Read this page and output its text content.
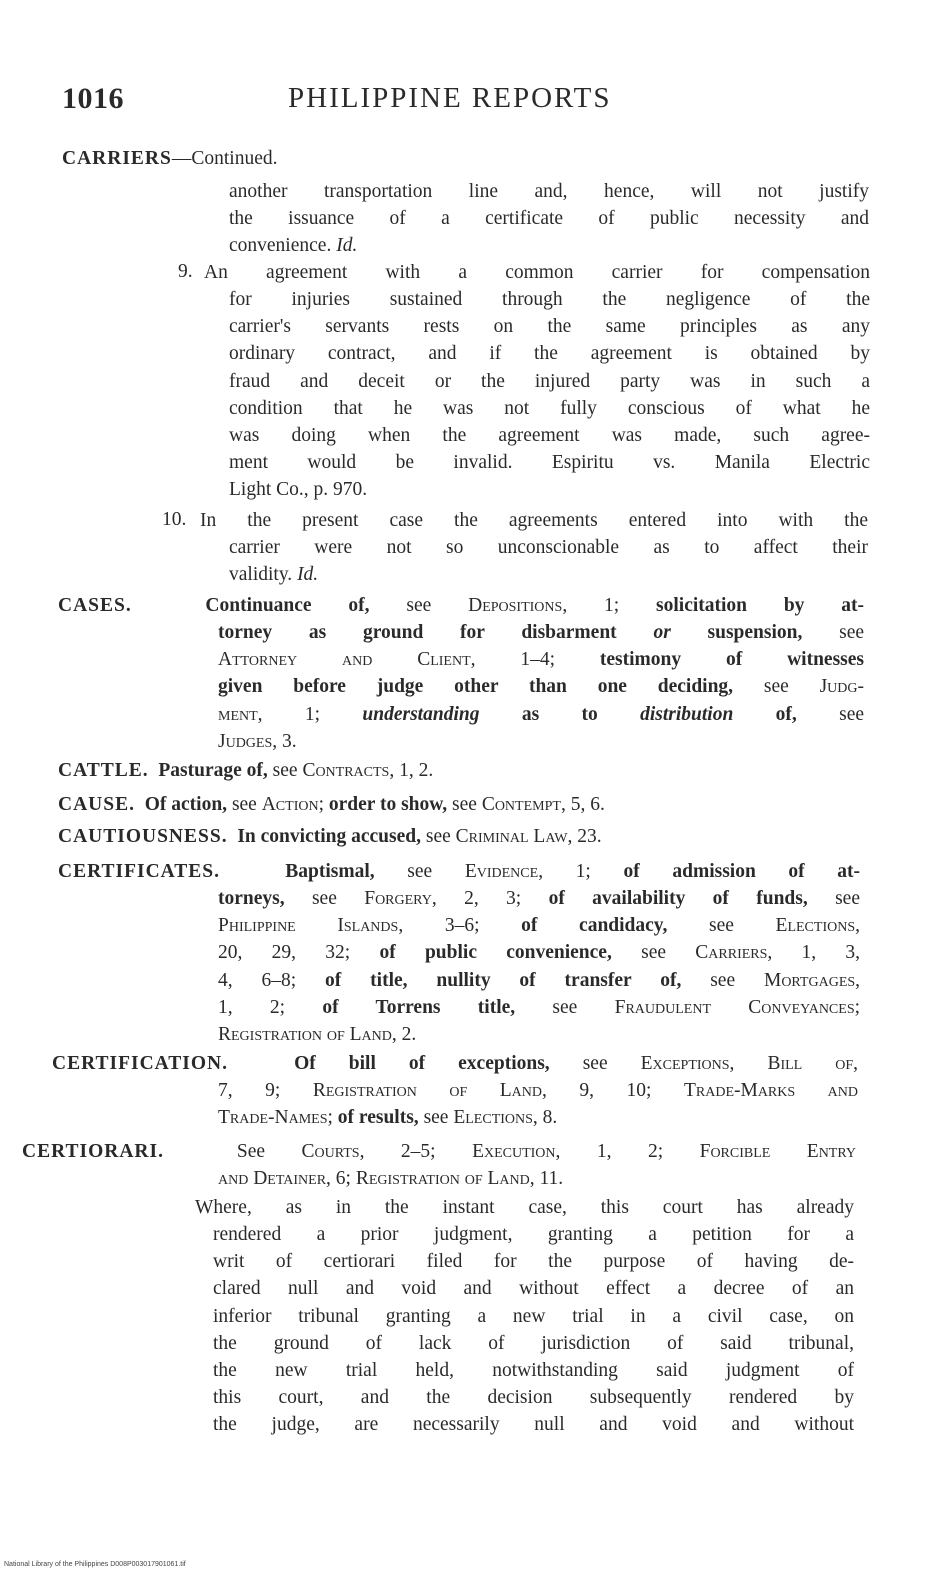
1016	PHILIPPINE REPORTS
CARRIERS—Continued.
another transportation line and, hence, will not justify
the issuance of a certificate of public necessity and
convenience. Id.
9. An agreement with a common carrier for compensation
for injuries sustained through the negligence of the
carrier's servants rests on the same principles as any
ordinary contract, and if the agreement is obtained by
fraud and deceit or the injured party was in such a
condition that he was not fully conscious of what he
was doing when the agreement was made, such agree-
ment would be invalid. Espiritu vs. Manila Electric
Light Co., p. 970.
10. In the present case the agreements entered into with the
carrier were not so unconscionable as to affect their
validity. Id.
CASES.	Continuance of, see Depositions, 1; solicitation by at-
torney as ground for disbarment or suspension, see
Attorney and Client, 1–4; testimony of witnesses
given before judge other than one deciding, see Judg-
ment, 1; understanding as to distribution of, see
Judges, 3.
CATTLE. Pasturage of, see Contracts, 1, 2.
CAUSE. Of action, see Action; order to show, see Contempt, 5, 6.
CAUTIOUSNESS. In convicting accused, see Criminal Law, 23.
CERTIFICATES.	Baptismal, see Evidence, 1; of admission of at-
torneys, see Forgery, 2, 3; of availability of funds, see
Philippine Islands, 3–6; of candidacy, see Elections,
20, 29, 32; of public convenience, see Carriers, 1, 3,
4, 6–8; of title, nullity of transfer of, see Mortgages,
1, 2; of Torrens title, see Fraudulent Conveyances;
Registration of Land, 2.
CERTIFICATION.	Of bill of exceptions, see Exceptions, Bill of,
7, 9; Registration of Land, 9, 10; Trade-Marks and
Trade-Names; of results, see Elections, 8.
CERTIORARI.	See Courts, 2–5; Execution, 1, 2; Forcible Entry
and Detainer, 6; Registration of Land, 11.
Where, as in the instant case, this court has already
rendered a prior judgment, granting a petition for a
writ of certiorari filed for the purpose of having de-
clared null and void and without effect a decree of an
inferior tribunal granting a new trial in a civil case, on
the ground of lack of jurisdiction of said tribunal,
the new trial held, notwithstanding said judgment of
this court, and the decision subsequently rendered by
the judge, are necessarily null and void and without
National Library of the Philippines D008P003017901061.tif
